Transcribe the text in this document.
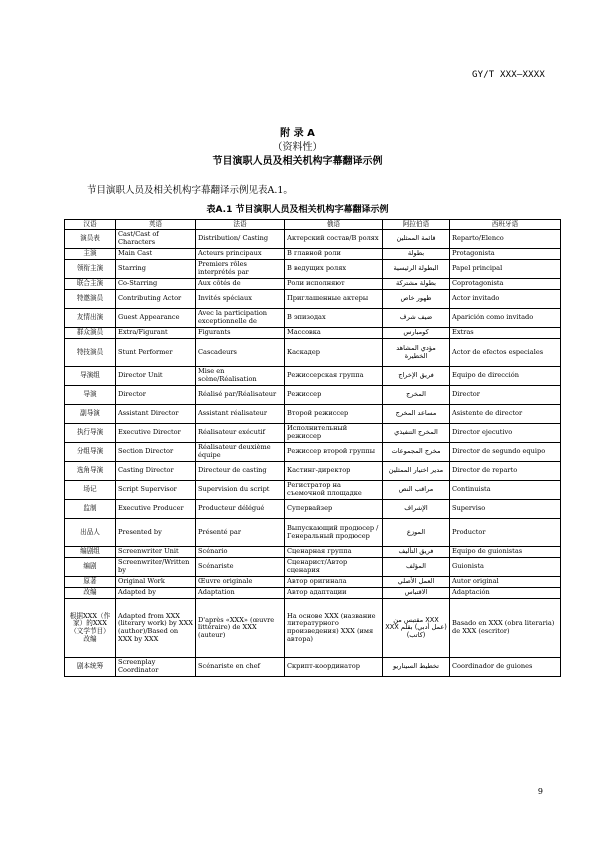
GY/T XXX—XXXX
附 录 A
（资料性）
节目演职人员及相关机构字幕翻译示例
节目演职人员及相关机构字幕翻译示例见表A.1。
表A.1 节目演职人员及相关机构字幕翻译示例
汉语	英语	法语	俄语	阿拉伯语	西班牙语
演员表	Cast/Cast of Characters	Distribution/ Casting	Актерский состав/В ролях	قائمة الممثلين	Reparto/Elenco
主演	Main Cast	Acteurs principaux	В главной роли	بطولة	Protagonista
领衔主演	Starring	Premiers rôles interprétés par	В ведущих ролях	البطولة الرئيسية	Papel principal
联合主演	Co-Starring	Aux côtés de	Роли исполняют	بطولة مشتركة	Coprotagonista
特邀演员	Contributing Actor	Invités spéciaux	Приглашенные актеры	ظهور خاص	Actor invitado
友情出演	Guest Appearance	Avec la participation exceptionnelle de	В эпизодах	ضيف شرف	Aparición como invitado
群众演员	Extra/Figurant	Figurants	Массовка	كومبارس	Extras
特技演员	Stunt Performer	Cascadeurs	Каскадер	مؤدي المشاهد الخطيرة	Actor de efectos especiales
导演组	Director Unit	Mise en scène/Réalisation	Режиссерская группа	فريق الإخراج	Equipo de dirección
导演	Director	Réalisé par/Réalisateur	Режиссер	المخرج	Director
副导演	Assistant Director	Assistant réalisateur	Второй режиссер	مساعد المخرج	Asistente de director
执行导演	Executive Director	Réalisateur exécutif	Исполнительный режиссер	المخرج التنفيذي	Director ejecutivo
分组导演	Section Director	Réalisateur deuxième équipe	Режиссер второй группы	مخرج المجموعات	Director de segundo equipo
选角导演	Casting Director	Directeur de casting	Кастинг-директор	مدير اختيار الممثلين	Director de reparto
场记	Script Supervisor	Supervision du script	Регистратор на съемочной площадке	مراقب النص	Continuista
监制	Executive Producer	Producteur délégué	Супервайзер	الإشراف	Superviso
出品人	Presented by	Présenté par	Выпускающий продюсер / Генеральный продюсер	الموزع	Productor
编剧组	Screenwriter Unit	Scénario	Сценарная группа	فريق التأليف	Equipo de guionistas
编剧	Screenwriter/Written by	Scénariste	Сценарист/Автор сценария	المؤلف	Guionista
原著	Original Work	Œuvre originale	Автор оригинала	العمل الأصلي	Autor original
改编	Adapted by	Adaptation	Автор адаптации	الاقتباس	Adaptación
根据XXX（作家）的XXX（文学节目）改编	Adapted from XXX (literary work) by XXX (author)/Based on XXX by XXX	D'après «XXX» (œuvre littéraire) de XXX (auteur)	На основе XXX (название литературного произведения) XXX (имя автора)	XXX مقتبس من (عمل أدبي) بقلم XXX (كاتب)	Basado en XXX (obra literaria) de XXX (escritor)
剧本统筹	Screenplay Coordinator	Scénariste en chef	Скрипт-координатор	تخطيط السيناريو	Coordinador de guiones
9
